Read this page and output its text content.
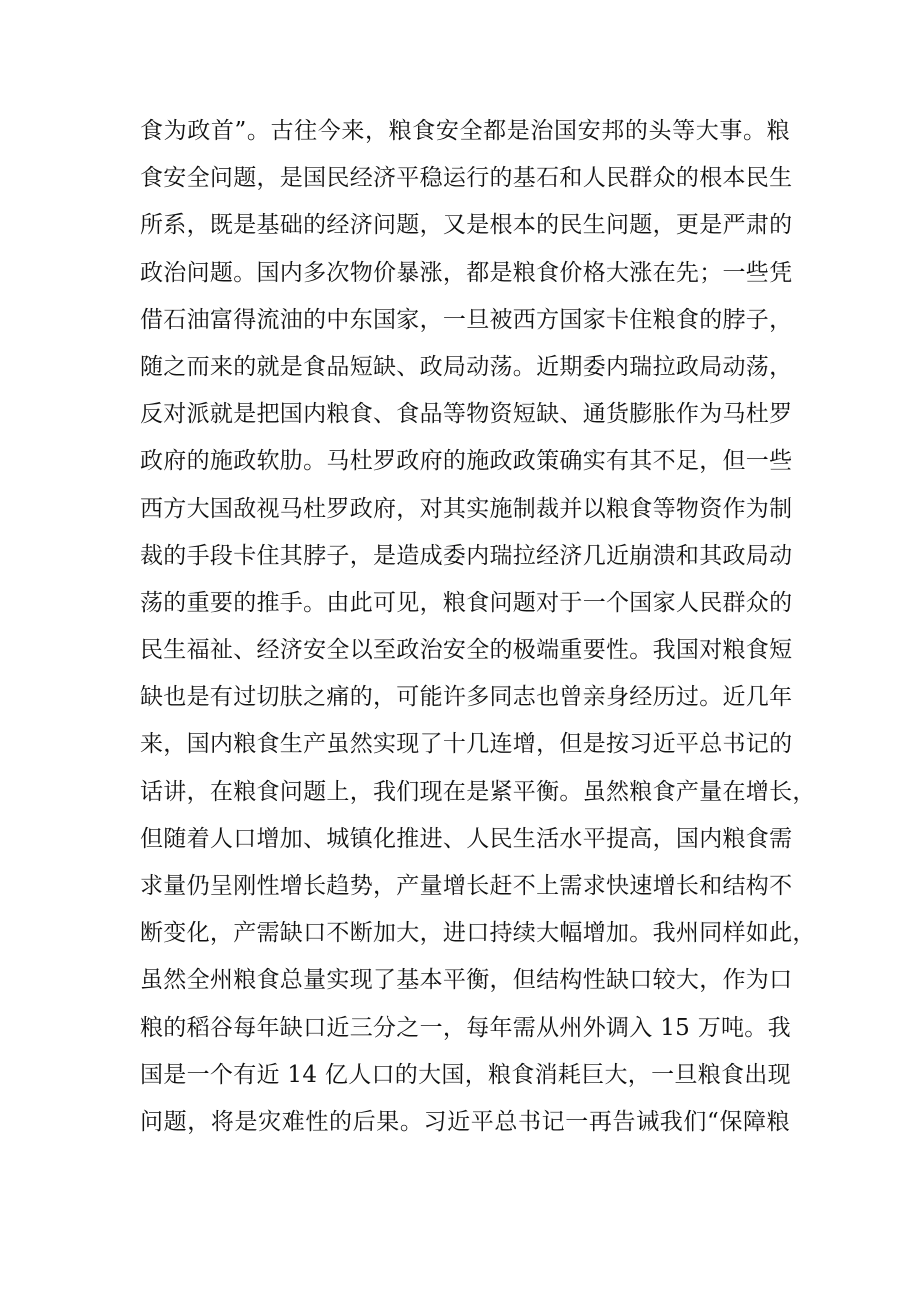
食为政首”。古往今来，粮食安全都是治国安邦的头等大事。粮
食安全问题，是国民经济平稳运行的基石和人民群众的根本民生
所系，既是基础的经济问题，又是根本的民生问题，更是严肃的
政治问题。国内多次物价暴涨，都是粮食价格大涨在先；一些凭
借石油富得流油的中东国家，一旦被西方国家卡住粮食的脖子，
随之而来的就是食品短缺、政局动荡。近期委内瑞拉政局动荡，
反对派就是把国内粮食、食品等物资短缺、通货膨胀作为马杜罗
政府的施政软肋。马杜罗政府的施政政策确实有其不足，但一些
西方大国敌视马杜罗政府，对其实施制裁并以粮食等物资作为制
裁的手段卡住其脖子，是造成委内瑞拉经济几近崩溃和其政局动
荡的重要的推手。由此可见，粮食问题对于一个国家人民群众的
民生福祉、经济安全以至政治安全的极端重要性。我国对粮食短
缺也是有过切肤之痛的，可能许多同志也曾亲身经历过。近几年
来，国内粮食生产虽然实现了十几连增，但是按习近平总书记的
话讲，在粮食问题上，我们现在是紧平衡。虽然粮食产量在增长，
但随着人口增加、城镇化推进、人民生活水平提高，国内粮食需
求量仍呈刚性增长趋势，产量增长赶不上需求快速增长和结构不
断变化，产需缺口不断加大，进口持续大幅增加。我州同样如此，
虽然全州粮食总量实现了基本平衡，但结构性缺口较大，作为口
粮的稻谷每年缺口近三分之一，每年需从州外调入 15 万吨。我
国是一个有近 14 亿人口的大国，粮食消耗巨大，一旦粮食出现
问题，将是灾难性的后果。习近平总书记一再告诫我们“保障粮
